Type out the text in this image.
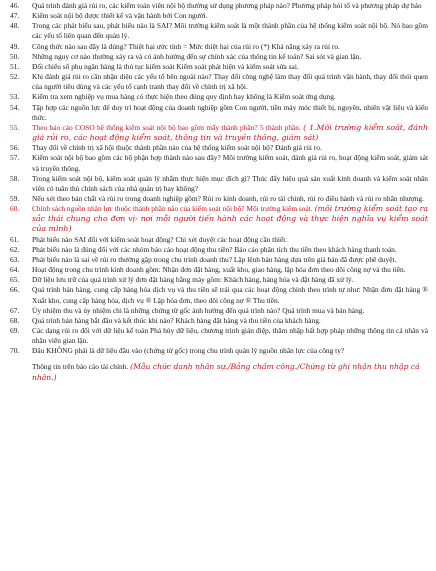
46.	Quá trình đánh giá rủi ro, các kiểm toán viên nội bộ thường sử dụng phương pháp nào? Phương pháp hỏi tổ và phương pháp dự báo
47.	Kiểm soát nội bộ được thiết kế và vận hành bởi Con người.
48.	Trong các phát biểu sau, phát biểu nào là SAI? Môi trường kiểm soát là một thành phần của hệ thống kiểm soát nội bộ. Nó bao gồm các yếu tố liên quan đến quản lý.
49.	Công thức nào sau đây là đúng? Thiệt hại ước tính = Mức thiệt hại của rủi ro (*) Khả năng xảy ra rủi ro.
50.	Những nguy cơ nào thường xảy ra và có ảnh hưởng đến sự chính xác của thông tin kế toán? Sai sót và gian lận.
51.	Đối chiếu số phụ ngân hàng là thủ tục kiểm soát Kiểm soát phát hiện và kiểm soát sửa sai.
52.	Khi đánh giá rủi ro cần nhận diện các yếu tố bên ngoài nào? Thay đổi công nghệ làm thay đổi quá trình vận hành, thay đổi thói quen của người tiêu dùng và các yếu tố cạnh tranh thay đổi về chính trị xã hội.
53.	Kiểm tra xem nghiệp vụ mua hàng có thực hiện theo đúng quy định hay không là Kiểm soát ứng dụng.
54.	Tập hợp các nguồn lực để duy trì hoạt động của doanh nghiệp gồm Con người, tiền máy móc thiết bị, nguyên, nhiên vật liệu và kiến thức.
55.	Theo báo cáo COSO hệ thống kiểm soát nội bộ bao gồm mấy thành phần? 5 thành phần. ( 1.Môi trường kiểm soát, đánh giá rủi ro, các hoạt động kiểm soát, thông tin và truyền thông, giám sát)
56.	Thay đổi về chính trị xã hội thuộc thành phần nào của hệ thống kiểm soát nội bộ? Đánh giá rủi ro.
57.	Kiểm soát nội bộ bao gồm các bộ phận hợp thành nào sau đây? Môi trường kiểm soát, đánh giá rủi ro, hoạt động kiểm soát, giám sát và truyền thông.
58.	Trong kiểm soát nội bộ, kiểm soát quản lý nhằm thực hiện mục đích gì? Thúc đẩy hiệu quả sản xuất kinh doanh và kiểm soát nhân viên có tuân thủ chính sách của nhà quản trị hay không?
59.	Nếu xét theo bản chất và rủi ro trong doanh nghiệp gồm? Rủi ro kinh doanh, rủi ro tài chính, rủi ro điều hành và rủi ro nhân nhượng.
60.	Chính sách nguồn nhân lực thuộc thành phần nào của kiểm soát nội bộ? Môi trường kiểm soát. (môi trường kiểm soát tạo ra sắc thái chung cho đơn vị- nơi mỗi người tiến hành các hoạt động và thực hiện nghĩa vụ kiểm soát của mình)
61.	Phát biểu nào SAI đối với kiểm soát hoạt động? Chi xét duyệt các hoạt động cần thiết.
62.	Phát biểu nào là đúng đối với các nhóm báo cáo hoạt động thu tiền? Báo cáo phân tích thu tiền theo khách hàng thanh toán.
63.	Phát biểu nào là sai về rủi ro thường gặp trong chu trình doanh thu? Lập lệnh bán hàng dựa trên giá bán đã được phê duyệt.
64.	Hoạt động trong chu trình kinh doanh gồm: Nhận đơn đặt hàng, xuất kho, giao hàng, lập hóa đơn theo dõi công nợ và thu tiền.
65.	Dữ liệu lưu trữ của quá trình xử lý đơn đặt hàng bằng máy gồm: Khách hàng, hàng hóa và đặt hàng đã xử lý.
66.	Quá trình bán hàng, cung cấp hàng hóa dịch vụ và thu tiền sẽ trải qua các hoạt động chính theo trình tự như: Nhận đơn đặt hàng ® Xuất kho, cung cấp hàng hóa, dịch vụ ® Lập hóa đơn, theo dõi công nợ ® Thu tiền.
67.	Ủy nhiệm thu và ủy nhiệm chi là những chứng từ gốc ảnh hưởng đến quá trình nào? Quá trình mua và bán hàng.
68.	Quá trình bán hàng bắt đầu và kết thúc khi nào? Khách hàng đặt hàng và thu tiền của khách hàng.
69.	Các dạng rủi ro đối với dữ liệu kế toán Phá hủy dữ liệu, chương trình gián điệp, thâm nhập bất hợp pháp những thông tin cá nhân và nhân viên gian lận.
70.	Đâu KHÔNG phải là dữ liệu đầu vào (chứng từ gốc) trong chu trình quản lý nguồn nhân lực của công ty?
Thông tin trên báo cáo tài chính. (Mẫu chức danh nhân sự./Bảng chấm công./Chứng từ ghi nhận thu nhập cá nhân.)
